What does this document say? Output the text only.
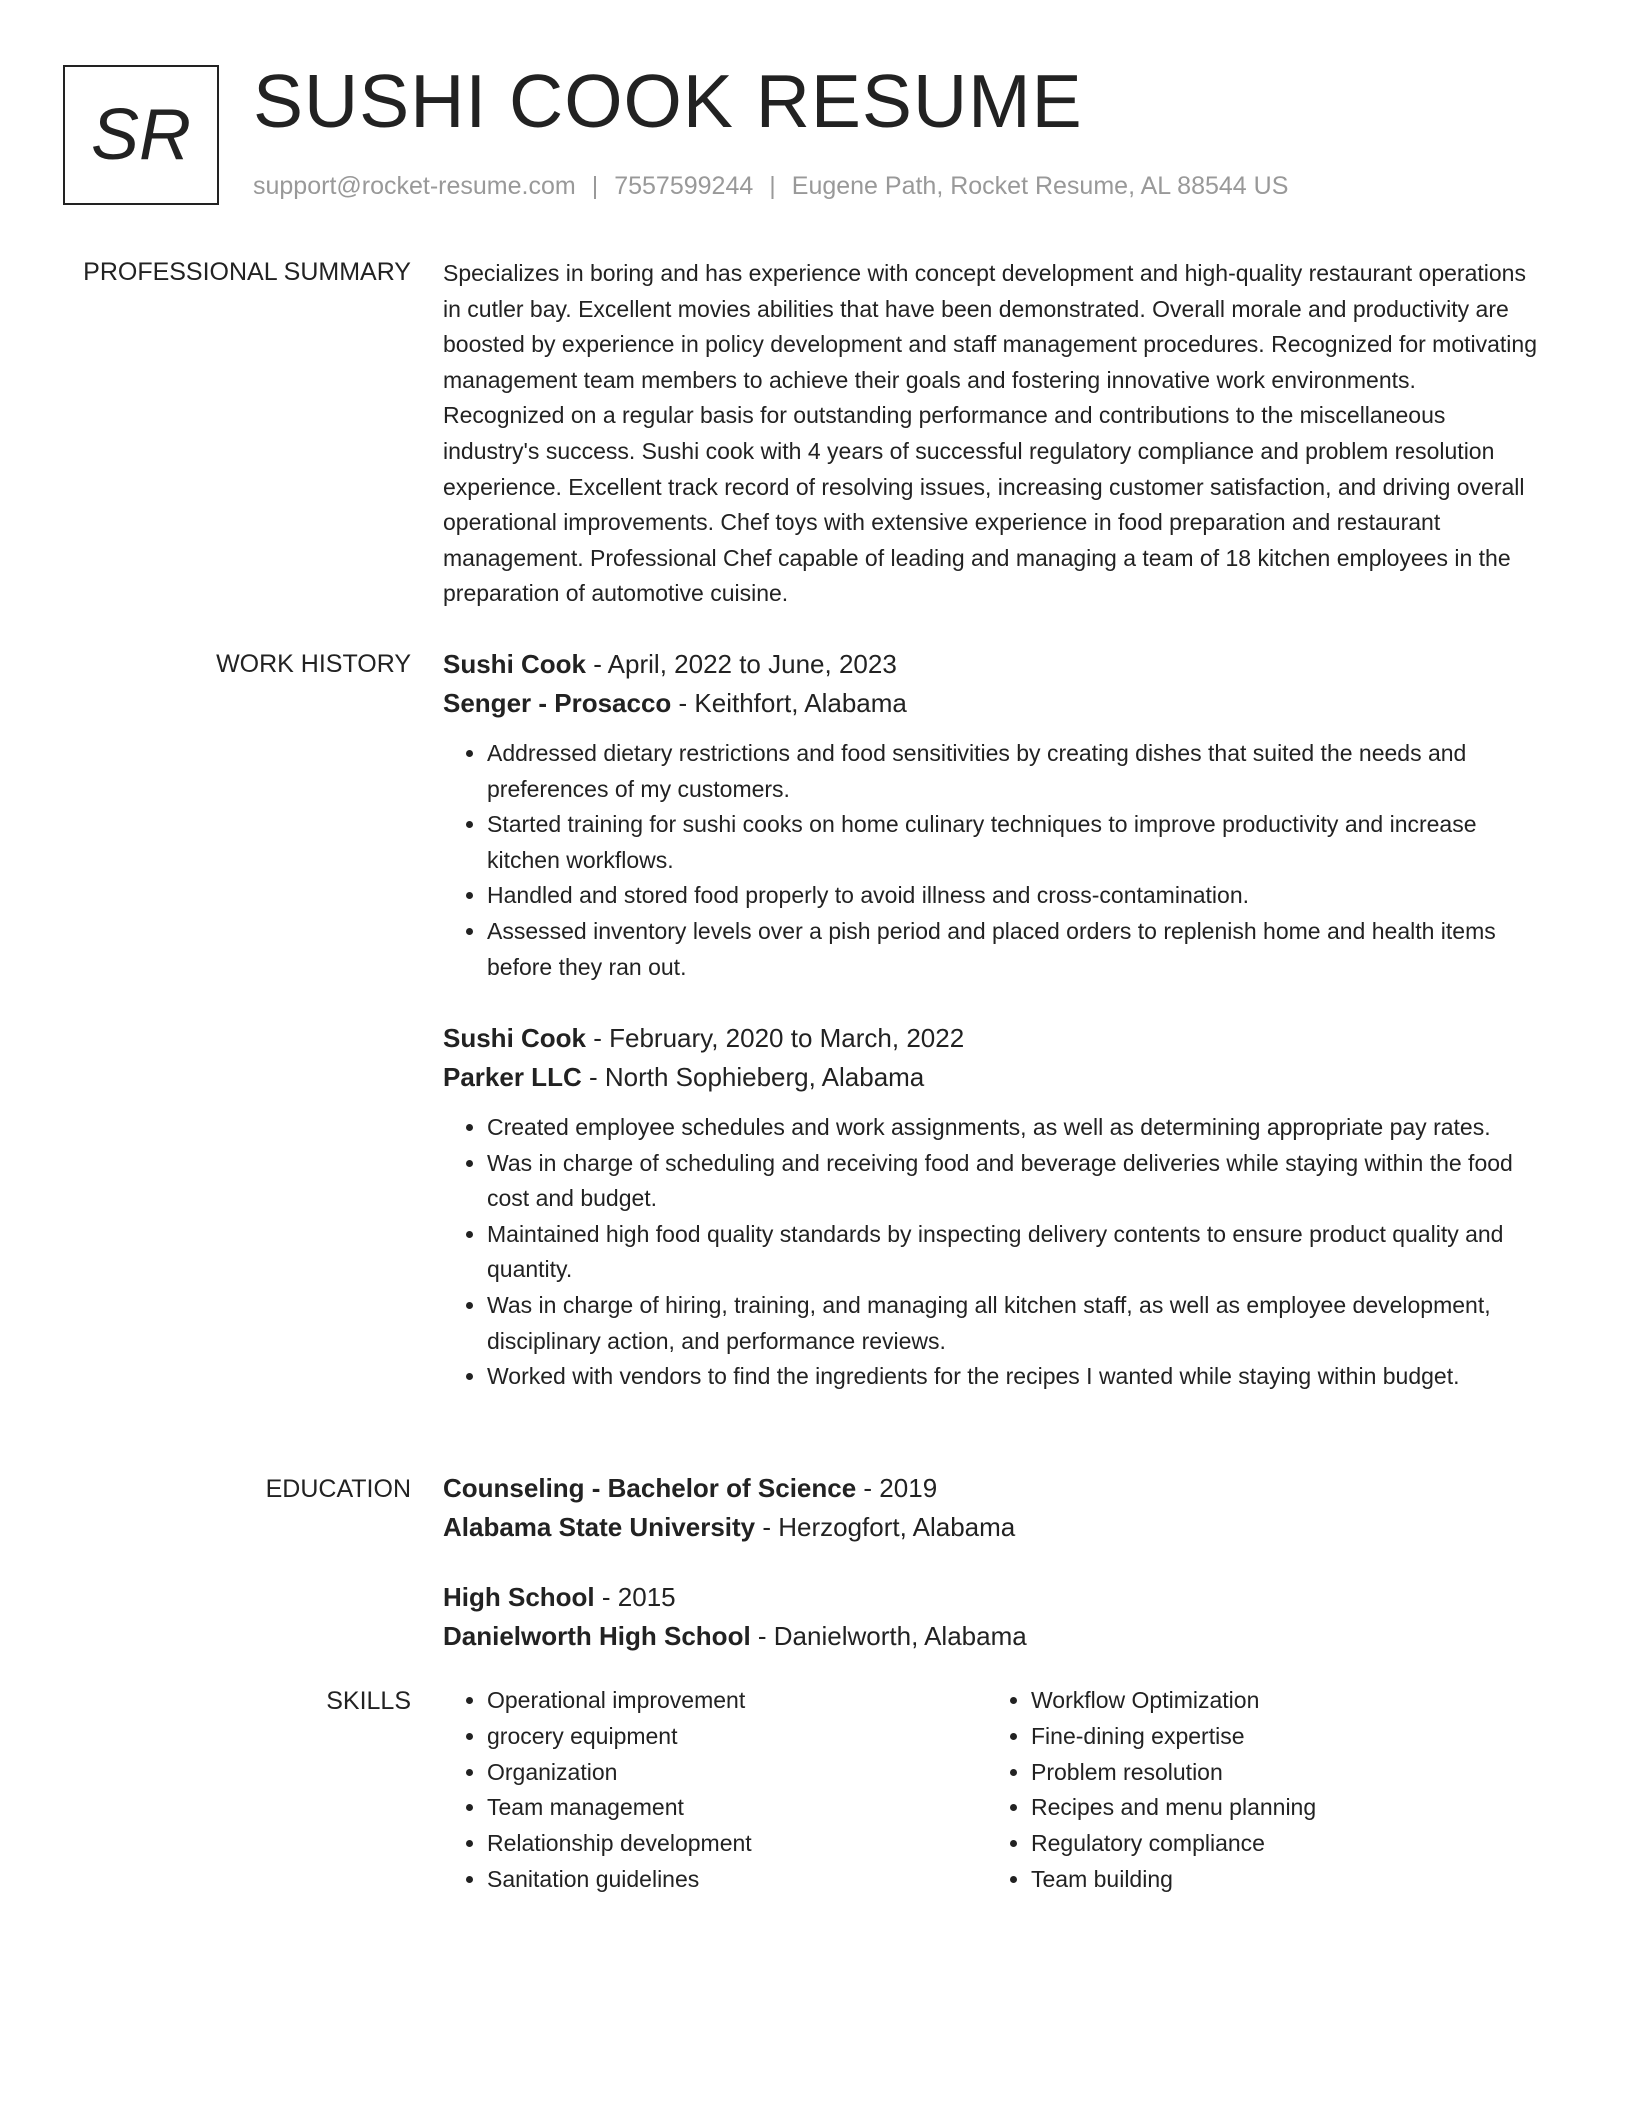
SR SUSHI COOK RESUME
support@rocket-resume.com | 7557599244 | Eugene Path, Rocket Resume, AL 88544 US
PROFESSIONAL SUMMARY Specializes in boring and has experience with concept development and high-quality restaurant operations in cutler bay. Excellent movies abilities that have been demonstrated. Overall morale and productivity are boosted by experience in policy development and staff management procedures. Recognized for motivating management team members to achieve their goals and fostering innovative work environments. Recognized on a regular basis for outstanding performance and contributions to the miscellaneous industry's success. Sushi cook with 4 years of successful regulatory compliance and problem resolution experience. Excellent track record of resolving issues, increasing customer satisfaction, and driving overall operational improvements. Chef toys with extensive experience in food preparation and restaurant management. Professional Chef capable of leading and managing a team of 18 kitchen employees in the preparation of automotive cuisine.
WORK HISTORY Sushi Cook - April, 2022 to June, 2023
Senger - Prosacco - Keithfort, Alabama
• Addressed dietary restrictions and food sensitivities by creating dishes that suited the needs and preferences of my customers.
• Started training for sushi cooks on home culinary techniques to improve productivity and increase kitchen workflows.
• Handled and stored food properly to avoid illness and cross-contamination.
• Assessed inventory levels over a pish period and placed orders to replenish home and health items before they ran out.
Sushi Cook - February, 2020 to March, 2022
Parker LLC - North Sophieberg, Alabama
• Created employee schedules and work assignments, as well as determining appropriate pay rates.
• Was in charge of scheduling and receiving food and beverage deliveries while staying within the food cost and budget.
• Maintained high food quality standards by inspecting delivery contents to ensure product quality and quantity.
• Was in charge of hiring, training, and managing all kitchen staff, as well as employee development, disciplinary action, and performance reviews.
• Worked with vendors to find the ingredients for the recipes I wanted while staying within budget.
EDUCATION Counseling - Bachelor of Science - 2019
Alabama State University - Herzogfort, Alabama
High School - 2015
Danielworth High School - Danielworth, Alabama
SKILLS
•	Operational improvement
• grocery equipment
• Organization
• Team management
• Relationship development
• Sanitation guidelines
• Workflow Optimization
• Fine-dining expertise
• Problem resolution
• Recipes and menu planning
• Regulatory compliance
• Team building
